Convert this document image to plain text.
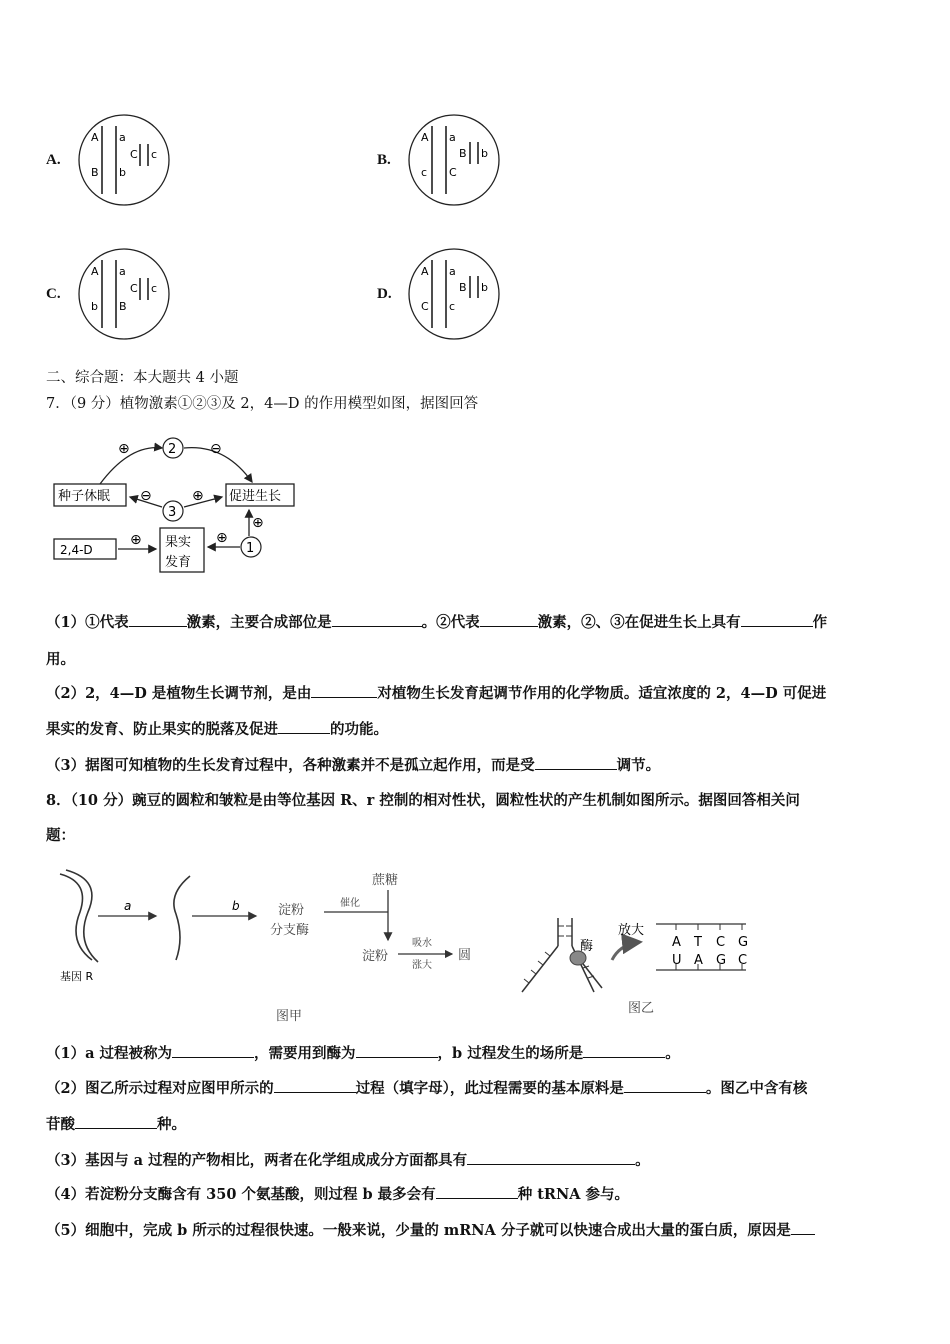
A.
A a
B b
C c	B.
A a
B b
c C
C.
A a
b B
C c	D.
A a
B b
C c
二、综合题：本大题共 4 小题
7．（9 分）植物激素①②③及 2，4—D 的作用模型如图，据图回答
2
⊕	⊖
种子休眠	促进生长
3
⊖	⊕
2,4-D
⊕ 果实
发育
1
⊕
⊕
（1）①代表	激素，主要合成部位是	。②代表	激素，②、③在促进生长上具有	作
用。
（2）2，4—D 是植物生长调节剂，是由	对植物生长发育起调节作用的化学物质。适宜浓度的 2，4—D 可促进
果实的发育、防止果实的脱落及促进	的功能。
（3）据图可知植物的生长发育过程中，各种激素并不是孤立起作用，而是受	调节。
8．（10 分）豌豆的圆粒和皱粒是由等位基因 R、r 控制的相对性状，圆粒性状的产生机制如图所示。据图回答相关问
题：
基因 R
a	b	淀粉
分支酶
催化
蔗糖
淀粉
吸水
涨大
圆
图甲
酶
放大
A T C G
U A G C
图乙
（1）a 过程被称为	，需要用到酶为	，b 过程发生的场所是	。
（2）图乙所示过程对应图甲所示的	过程（填字母），此过程需要的基本原料是	。图乙中含有核
苷酸	种。
（3）基因与 a 过程的产物相比，两者在化学组成成分方面都具有	。
（4）若淀粉分支酶含有 350 个氨基酸，则过程 b 最多会有	种 tRNA 参与。
（5）细胞中，完成 b 所示的过程很快速。一般来说，少量的 mRNA 分子就可以快速合成出大量的蛋白质，原因是
